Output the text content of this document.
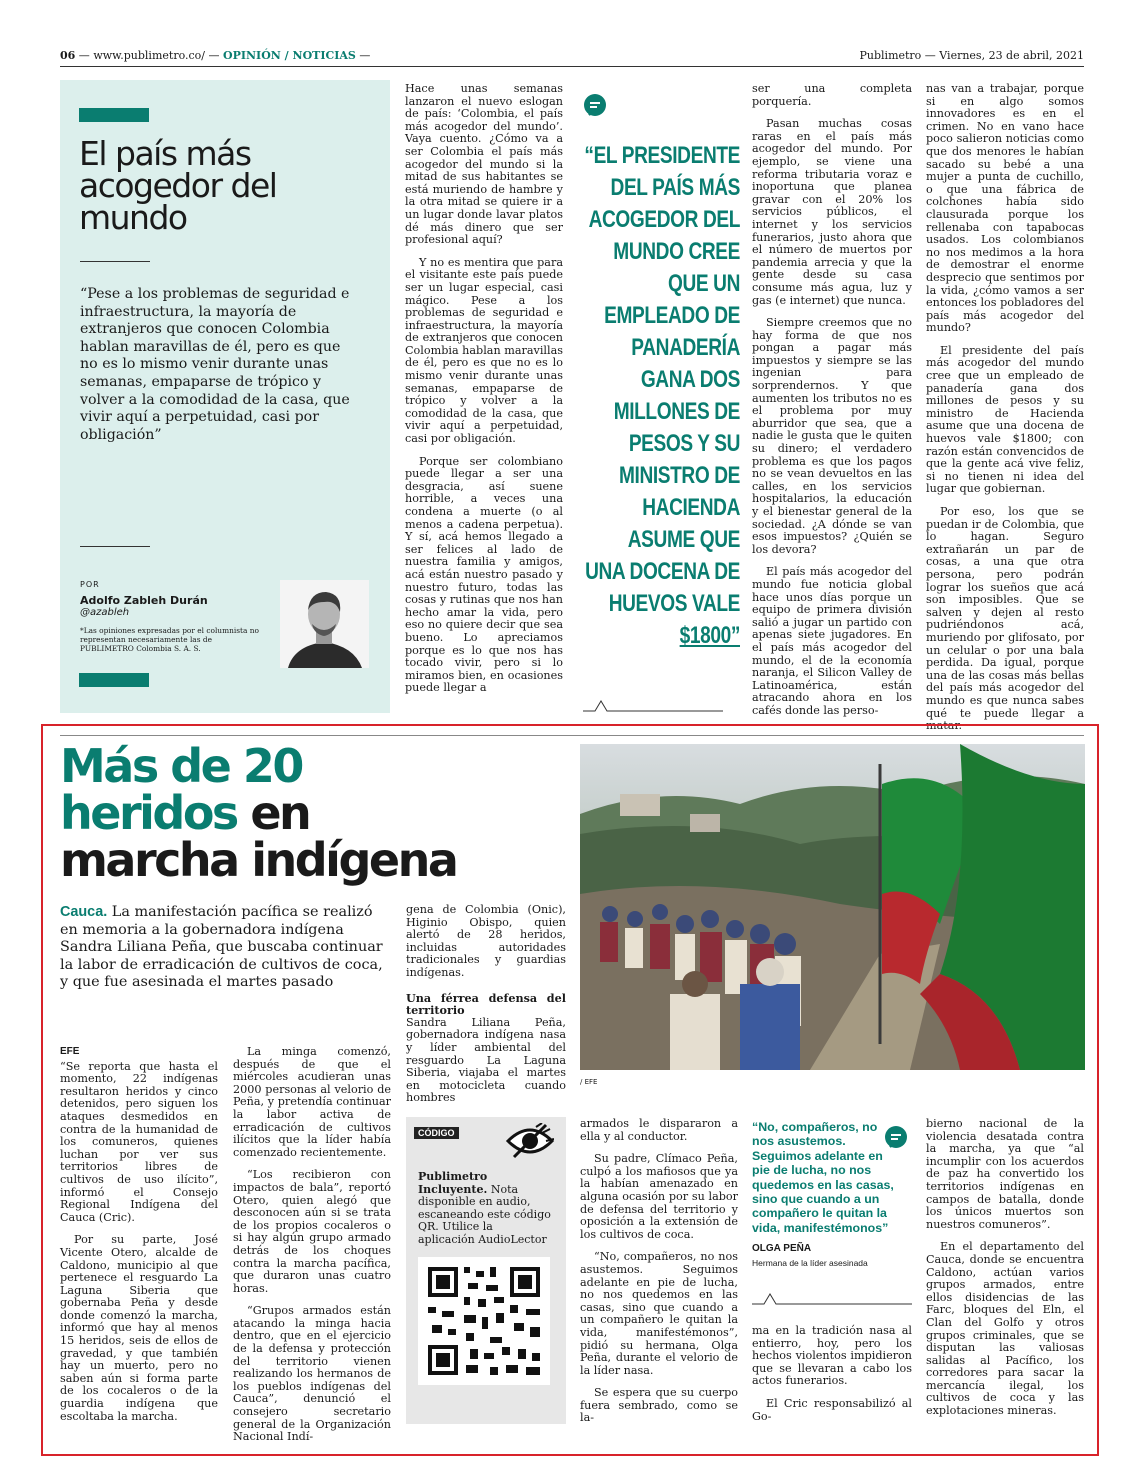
06 — www.publimetro.co/ — OPINIÓN / NOTICIAS —	Publimetro — Viernes, 23 de abril, 2021
El país más acogedor del mundo
“Pese a los problemas de seguridad e infraestructura, la mayoría de extranjeros que conocen Colombia hablan maravillas de él, pero es que no es lo mismo venir durante unas semanas, empaparse de trópico y volver a la comodidad de la casa, que vivir aquí a perpetuidad, casi por obligación”
POR
Adolfo Zableh Durán
@azableh
*Las opiniones expresadas por el columnista no representan necesariamente las de PUBLIMETRO Colombia S. A. S.

Hace unas semanas lanzaron el nuevo eslogan de país: ‘Colombia, el país más acogedor del mundo’. Vaya cuento. ¿Cómo va a ser Colombia el país más acogedor del mundo si la mitad de sus habitantes se está muriendo de hambre y la otra mitad se quiere ir a un lugar donde lavar platos dé más dinero que ser profesional aquí?

Y no es mentira que para el visitante este país puede ser un lugar especial, casi mágico. Pese a los problemas de seguridad e infraestructura, la mayoría de extranjeros que conocen Colombia hablan maravillas de él, pero es que no es lo mismo venir durante unas semanas, empaparse de trópico y volver a la comodidad de la casa, que vivir aquí a perpetuidad, casi por obligación.

Porque ser colombiano puede llegar a ser una desgracia, así suene horrible, a veces una condena a muerte (o al menos a cadena perpetua). Y sí, acá hemos llegado a ser felices al lado de nuestra familia y amigos, acá están nuestro pasado y nuestro futuro, todas las cosas y rutinas que nos han hecho amar la vida, pero eso no quiere decir que sea bueno. Lo apreciamos porque es lo que nos has tocado vivir, pero si lo miramos bien, en ocasiones puede llegar a

“EL PRESIDENTE DEL PAÍS MÁS ACOGEDOR DEL MUNDO CREE QUE UN EMPLEADO DE PANADERÍA GANA DOS MILLONES DE PESOS Y SU MINISTRO DE HACIENDA ASUME QUE UNA DOCENA DE HUEVOS VALE $1800”

ser una completa porquería.

Pasan muchas cosas raras en el país más acogedor del mundo. Por ejemplo, se viene una reforma tributaria voraz e inoportuna que planea gravar con el 20% los servicios públicos, el internet y los servicios funerarios, justo ahora que el número de muertos por pandemia arrecia y que la gente desde su casa consume más agua, luz y gas (e internet) que nunca.

Siempre creemos que no hay forma de que nos pongan a pagar más impuestos y siempre se las ingenian para sorprendernos. Y que aumenten los tributos no es el problema por muy aburridor que sea, que a nadie le gusta que le quiten su dinero; el verdadero problema es que los pagos no se vean devueltos en las calles, en los servicios hospitalarios, la educación y el bienestar general de la sociedad. ¿A dónde se van esos impuestos? ¿Quién se los devora?

El país más acogedor del mundo fue noticia global hace unos días porque un equipo de primera división salió a jugar un partido con apenas siete jugadores. En el país más acogedor del mundo, el de la economía naranja, el Silicon Valley de Latinoamérica, están atracando ahora en los cafés donde las perso-

nas van a trabajar, porque si en algo somos innovadores es en el crimen. No en vano hace poco salieron noticias como que dos menores le habían sacado su bebé a una mujer a punta de cuchillo, o que una fábrica de colchones había sido clausurada porque los rellenaba con tapabocas usados. Los colombianos no nos medimos a la hora de demostrar el enorme desprecio que sentimos por la vida, ¿cómo vamos a ser entonces los pobladores del país más acogedor del mundo?

El presidente del país más acogedor del mundo cree que un empleado de panadería gana dos millones de pesos y su ministro de Hacienda asume que una docena de huevos vale $1800; con razón están convencidos de que la gente acá vive feliz, si no tienen ni idea del lugar que gobiernan.

Por eso, los que se puedan ir de Colombia, que lo hagan. Seguro extrañarán un par de cosas, a una que otra persona, pero podrán lograr los sueños que acá son imposibles. Que se salven y dejen al resto pudriéndonos acá, muriendo por glifosato, por un celular o por una bala perdida. Da igual, porque una de las cosas más bellas del país más acogedor del mundo es que nunca sabes qué te puede llegar a matar.

Más de 20
heridos en
marcha indígena
Cauca. La manifestación pacífica se realizó en memoria a la gobernadora indígena Sandra Liliana Peña, que buscaba continuar la labor de erradicación de cultivos de coca, y que fue asesinada el martes pasado
/ EFE
EFE

“Se reporta que hasta el momento, 22 indígenas resultaron heridos y cinco detenidos, pero siguen los ataques desmedidos en contra de la humanidad de los comuneros, quienes luchan por ver sus territorios libres de cultivos de uso ilícito”, informó el Consejo Regional Indígena del Cauca (Cric).

Por su parte, José Vicente Otero, alcalde de Caldono, municipio al que pertenece el resguardo La Laguna Siberia que gobernaba Peña y desde donde comenzó la marcha, informó que hay al menos 15 heridos, seis de ellos de gravedad, y que también hay un muerto, pero no saben aún si forma parte de los cocaleros o de la guardia indígena que escoltaba la marcha.

La minga comenzó, después de que el miércoles acudieran unas 2000 personas al velorio de Peña, y pretendía continuar la labor activa de erradicación de cultivos ilícitos que la líder había comenzado recientemente.

“Los recibieron con impactos de bala”, reportó Otero, quien alegó que desconocen aún si se trata de los propios cocaleros o si hay algún grupo armado detrás de los choques contra la marcha pacífica, que duraron unas cuatro horas.

“Grupos armados están atacando la minga hacia dentro, que en el ejercicio de la defensa y protección del territorio vienen realizando los hermanos de los pueblos indígenas del Cauca”, denunció el consejero secretario general de la Organización Nacional Indí-

gena de Colombia (Onic), Higinio Obispo, quien alertó de 28 heridos, incluidas autoridades tradicionales y guardias indígenas.

Una férrea defensa del territorio

Sandra Liliana Peña, gobernadora indígena nasa y líder ambiental del resguardo La Laguna Siberia, viajaba el martes en motocicleta cuando hombres

CÓDIGO
Publimetro Incluyente. Nota disponible en audio, escaneando este código QR. Utilice la aplicación AudioLector

armados le dispararon a ella y al conductor.

Su padre, Clímaco Peña, culpó a los mafiosos que ya la habían amenazado en alguna ocasión por su labor de defensa del territorio y oposición a la extensión de los cultivos de coca.

“No, compañeros, no nos asustemos. Seguimos adelante en pie de lucha, no nos quedemos en las casas, sino que cuando a un compañero le quitan la vida, manifestémonos”, pidió su hermana, Olga Peña, durante el velorio de la líder nasa.

Se espera que su cuerpo fuera sembrado, como se la-

“No, compañeros, no nos asustemos. Seguimos adelante en pie de lucha, no nos quedemos en las casas, sino que cuando a un compañero le quitan la vida, manifestémonos”
OLGA PEÑA
Hermana de la líder asesinada

ma en la tradición nasa al entierro, hoy, pero los hechos violentos impidieron que se llevaran a cabo los actos funerarios.

El Cric responsabilizó al Go-

bierno nacional de la violencia desatada contra la marcha, ya que “al incumplir con los acuerdos de paz ha convertido los territorios indígenas en campos de batalla, donde los únicos muertos son nuestros comuneros”.

En el departamento del Cauca, donde se encuentra Caldono, actúan varios grupos armados, entre ellos disidencias de las Farc, bloques del Eln, el Clan del Golfo y otros grupos criminales, que se disputan las valiosas salidas al Pacífico, los corredores para sacar la mercancía ilegal, los cultivos de coca y las explotaciones mineras.
